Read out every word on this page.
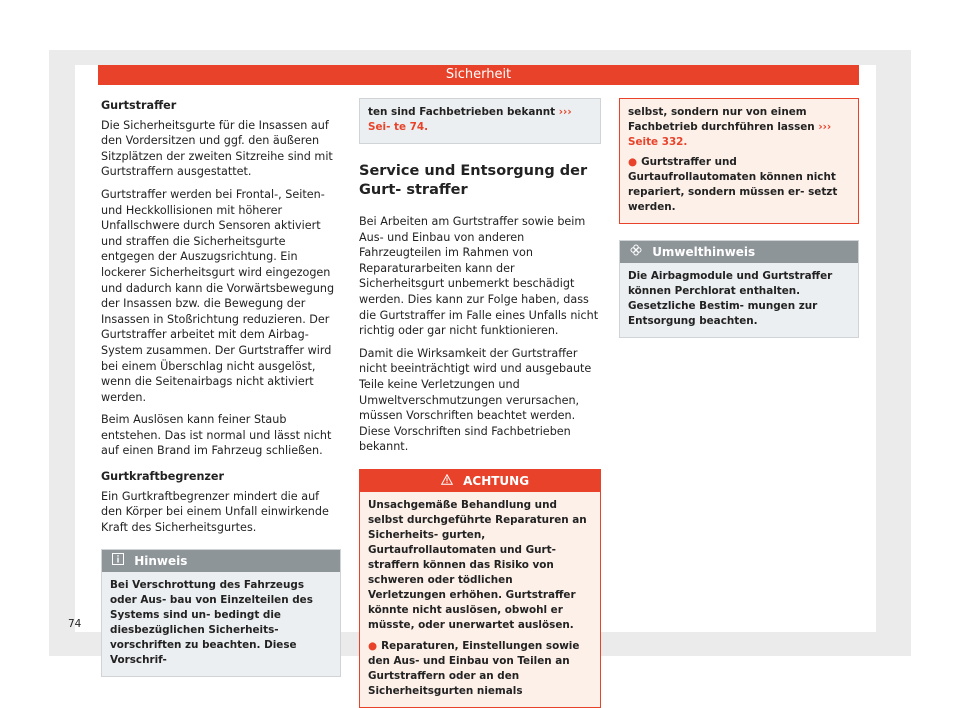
Sicherheit
Gurtstraffer

Die Sicherheitsgurte für die Insassen auf den Vordersitzen und ggf. den äußeren Sitzplätzen der zweiten Sitzreihe sind mit Gurtstraffern ausgestattet.

Gurtstraffer werden bei Frontal-, Seiten- und Heckkollisionen mit höherer Unfallschwere durch Sensoren aktiviert und straffen die Sicherheitsgurte entgegen der Auszugsrichtung. Ein lockerer Sicherheitsgurt wird eingezogen und dadurch kann die Vorwärtsbewegung der Insassen bzw. die Bewegung der Insassen in Stoßrichtung reduzieren. Der Gurtstraffer arbeitet mit dem Airbag-System zusammen. Der Gurtstraffer wird bei einem Überschlag nicht ausgelöst, wenn die Seitenairbags nicht aktiviert werden.

Beim Auslösen kann feiner Staub entstehen. Das ist normal und lässt nicht auf einen Brand im Fahrzeug schließen.

Gurtkraftbegrenzer

Ein Gurtkraftbegrenzer mindert die auf den Körper bei einem Unfall einwirkende Kraft des Sicherheitsgurtes.

Hinweis
Bei Verschrottung des Fahrzeugs oder Aus- bau von Einzelteilen des Systems sind un- bedingt die diesbezüglichen Sicherheits- vorschriften zu beachten. Diese Vorschrif-
ten sind Fachbetrieben bekannt ››› Sei- te 74.
Service und Entsorgung der Gurt- straffer

Bei Arbeiten am Gurtstraffer sowie beim Aus- und Einbau von anderen Fahrzeugteilen im Rahmen von Reparaturarbeiten kann der Sicherheitsgurt unbemerkt beschädigt werden. Dies kann zur Folge haben, dass die Gurtstraffer im Falle eines Unfalls nicht richtig oder gar nicht funktionieren.

Damit die Wirksamkeit der Gurtstraffer nicht beeinträchtigt wird und ausgebaute Teile keine Verletzungen und Umweltverschmutzungen verursachen, müssen Vorschriften beachtet werden. Diese Vorschriften sind Fachbetrieben bekannt.

ACHTUNG
Unsachgemäße Behandlung und selbst durchgeführte Reparaturen an Sicherheits- gurten, Gurtaufrollautomaten und Gurt- straffern können das Risiko von schweren oder tödlichen Verletzungen erhöhen. Gurtstraffer könnte nicht auslösen, obwohl er müsste, oder unerwartet auslösen.
● Reparaturen, Einstellungen sowie den Aus- und Einbau von Teilen an Gurtstraffern oder an den Sicherheitsgurten niemals
selbst, sondern nur von einem Fachbetrieb durchführen lassen ››› Seite 332.
● Gurtstraffer und Gurtaufrollautomaten können nicht repariert, sondern müssen er- setzt werden.
Umwelthinweis
Die Airbagmodule und Gurtstraffer können Perchlorat enthalten. Gesetzliche Bestim- mungen zur Entsorgung beachten.
74
